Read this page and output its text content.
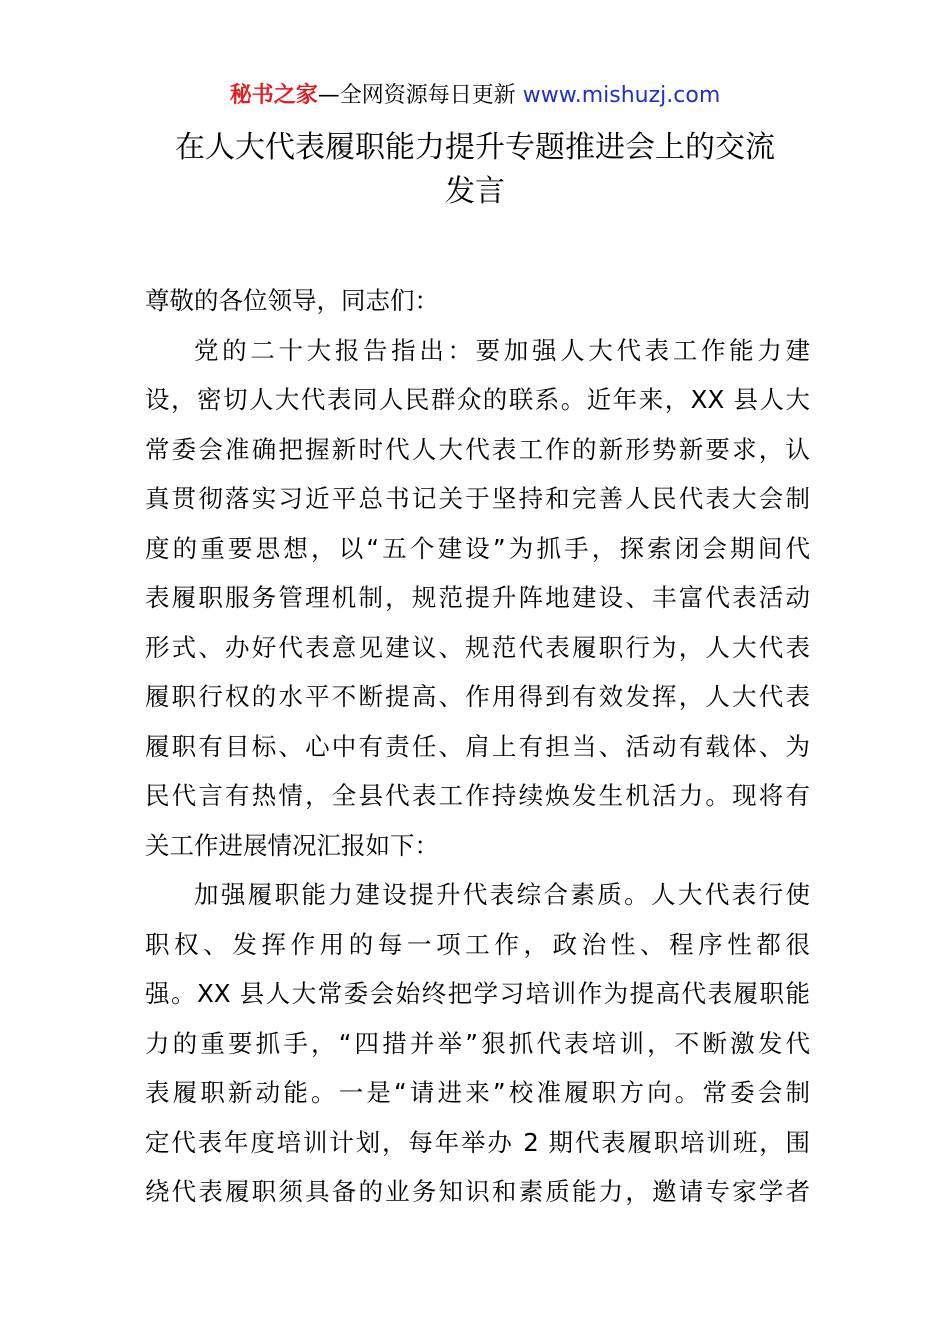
秘书之家—全网资源每日更新 www.mishuzj.com
在人大代表履职能力提升专题推进会上的交流
发言
尊敬的各位领导，同志们：
党的二十大报告指出：要加强人大代表工作能力建
设，密切人大代表同人民群众的联系。近年来，XX 县人大
常委会准确把握新时代人大代表工作的新形势新要求，认
真贯彻落实习近平总书记关于坚持和完善人民代表大会制
度的重要思想，以“五个建设”为抓手，探索闭会期间代
表履职服务管理机制，规范提升阵地建设、丰富代表活动
形式、办好代表意见建议、规范代表履职行为，人大代表
履职行权的水平不断提高、作用得到有效发挥，人大代表
履职有目标、心中有责任、肩上有担当、活动有载体、为
民代言有热情，全县代表工作持续焕发生机活力。现将有
关工作进展情况汇报如下：
加强履职能力建设提升代表综合素质。人大代表行使
职权、发挥作用的每一项工作，政治性、程序性都很
强。XX 县人大常委会始终把学习培训作为提高代表履职能
力的重要抓手，“四措并举”狠抓代表培训，不断激发代
表履职新动能。一是“请进来”校准履职方向。常委会制
定代表年度培训计划，每年举办 2 期代表履职培训班，围
绕代表履职须具备的业务知识和素质能力，邀请专家学者
